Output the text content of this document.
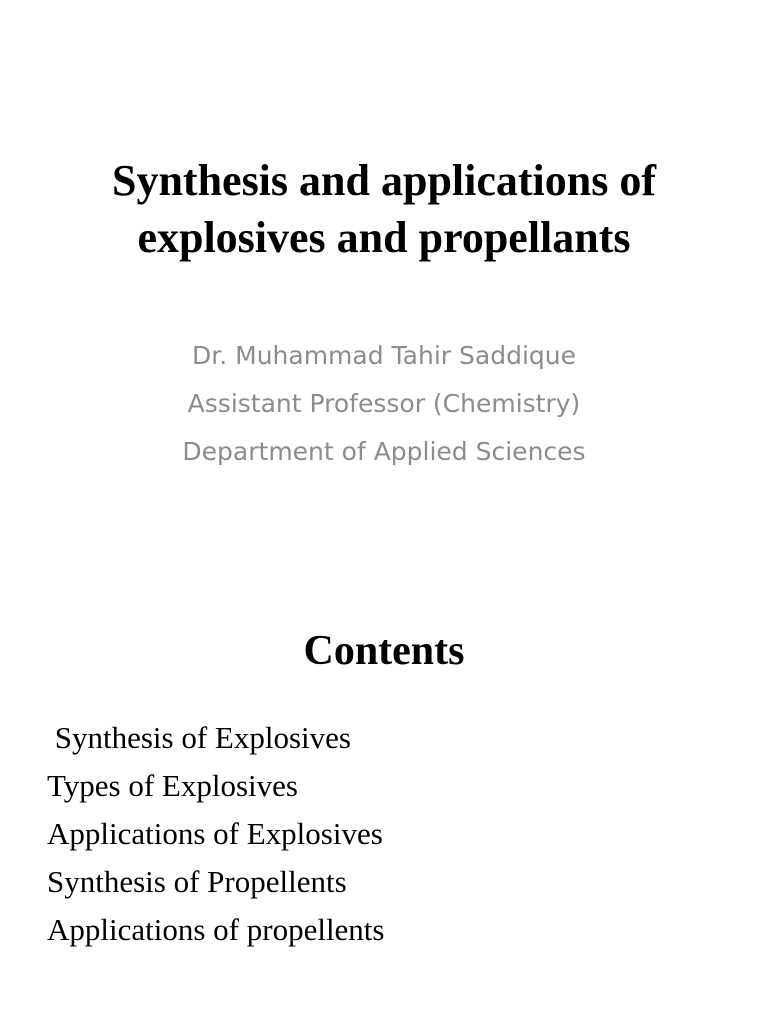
Synthesis and applications of
explosives and propellants
Dr. Muhammad Tahir Saddique
Assistant Professor (Chemistry)
Department of Applied Sciences
Contents
Synthesis of Explosives
Types of Explosives
Applications of Explosives
Synthesis of Propellents
Applications of propellents
